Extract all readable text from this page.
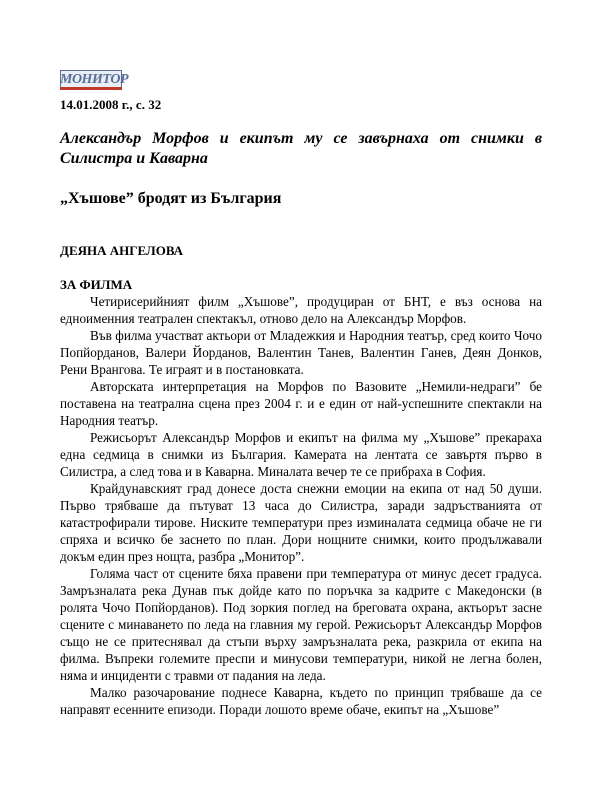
МОНИТОР
14.01.2008 г., с. 32
Александър Морфов и екипът му се завърнаха от снимки в Силистра и Каварна
„Хъшове” бродят из България
ДЕЯНА АНГЕЛОВА
ЗА ФИЛМА

Четирисерийният филм „Хъшове”, продуциран от БНТ, е въз основа на едноименния театрален спектакъл, отново дело на Александър Морфов.

Във филма участват актьори от Младежкия и Народния театър, сред които Чочо Попйорданов, Валери Йорданов, Валентин Танев, Валентин Ганев, Деян Донков, Рени Врангова. Те играят и в постановката.

Авторската интерпретация на Морфов по Вазовите „Немили-недраги” бе поставена на театрална сцена през 2004 г. и е един от най-успешните спектакли на Народния театър.

Режисьорът Александър Морфов и екипът на филма му „Хъшове” прекараха една седмица в снимки из България. Камерата на лентата се завъртя първо в Силистра, а след това и в Каварна. Миналата вечер те се прибраха в София.

Крайдунавският град донесе доста снежни емоции на екипа от над 50 души. Първо трябваше да пътуват 13 часа до Силистра, заради задръстванията от катастрофирали тирове. Ниските температури през изминалата седмица обаче не ги спряха и всичко бе заснето по план. Дори нощните снимки, които продължавали докъм един през нощта, разбра „Монитор”.

Голяма част от сцените бяха правени при температура от минус десет градуса. Замръзналата река Дунав пък дойде като по поръчка за кадрите с Македонски (в ролята Чочо Попйорданов). Под зоркия поглед на бреговата охрана, актьорът засне сцените с минаването по леда на главния му герой. Режисьорът Александър Морфов също не се притеснявал да стъпи върху замръзналата река, разкрила от екипа на филма. Въпреки големите преспи и минусови температури, никой не легна болен, няма и инциденти с травми от падания на леда.

Малко разочарование поднесе Каварна, където по принцип трябваше да се направят есенните епизоди. Поради лошото време обаче, екипът на „Хъшове”
